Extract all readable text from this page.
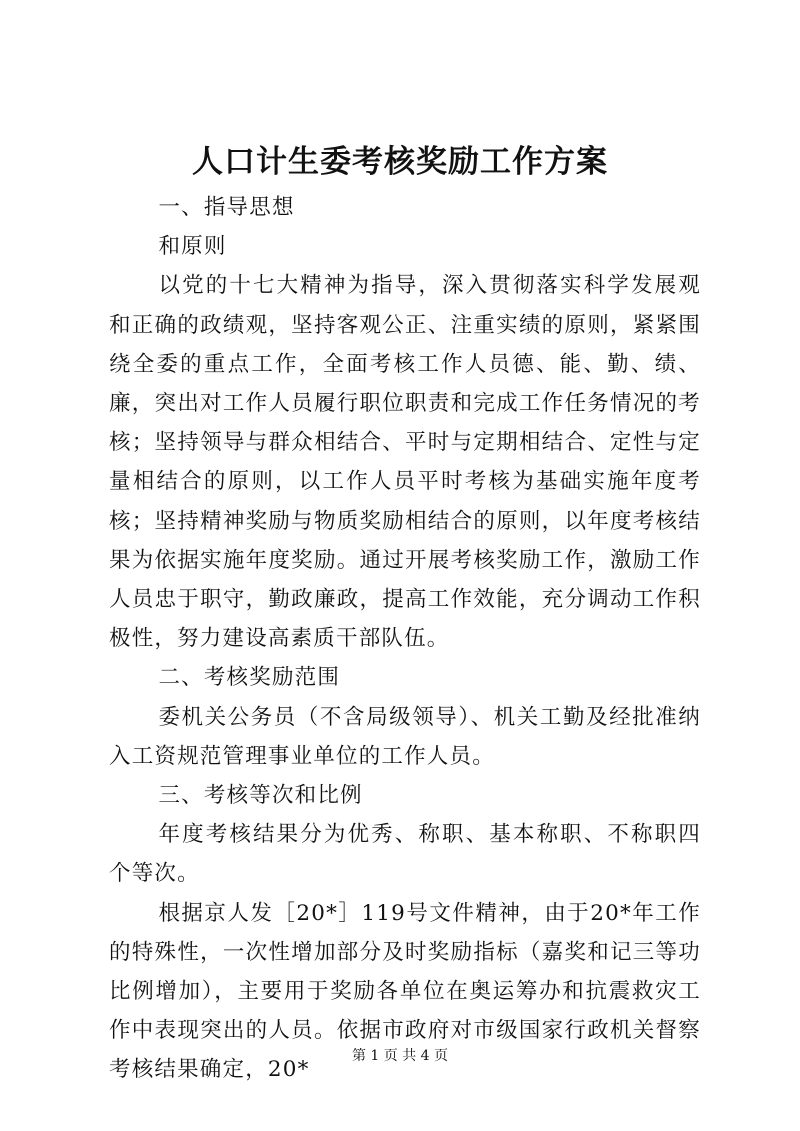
人口计生委考核奖励工作方案

一、指导思想

和原则

以党的十七大精神为指导，深入贯彻落实科学发展观和正确的政绩观，坚持客观公正、注重实绩的原则，紧紧围绕全委的重点工作，全面考核工作人员德、能、勤、绩、廉，突出对工作人员履行职位职责和完成工作任务情况的考核；坚持领导与群众相结合、平时与定期相结合、定性与定量相结合的原则，以工作人员平时考核为基础实施年度考核；坚持精神奖励与物质奖励相结合的原则，以年度考核结果为依据实施年度奖励。通过开展考核奖励工作，激励工作人员忠于职守，勤政廉政，提高工作效能，充分调动工作积极性，努力建设高素质干部队伍。

二、考核奖励范围

委机关公务员（不含局级领导）、机关工勤及经批准纳入工资规范管理事业单位的工作人员。

三、考核等次和比例

年度考核结果分为优秀、称职、基本称职、不称职四个等次。

根据京人发［20*］119号文件精神，由于20*年工作的特殊性，一次性增加部分及时奖励指标（嘉奖和记三等功比例增加），主要用于奖励各单位在奥运筹办和抗震救灾工作中表现突出的人员。依据市政府对市级国家行政机关督察考核结果确定，20*

第 1 页 共 4 页
